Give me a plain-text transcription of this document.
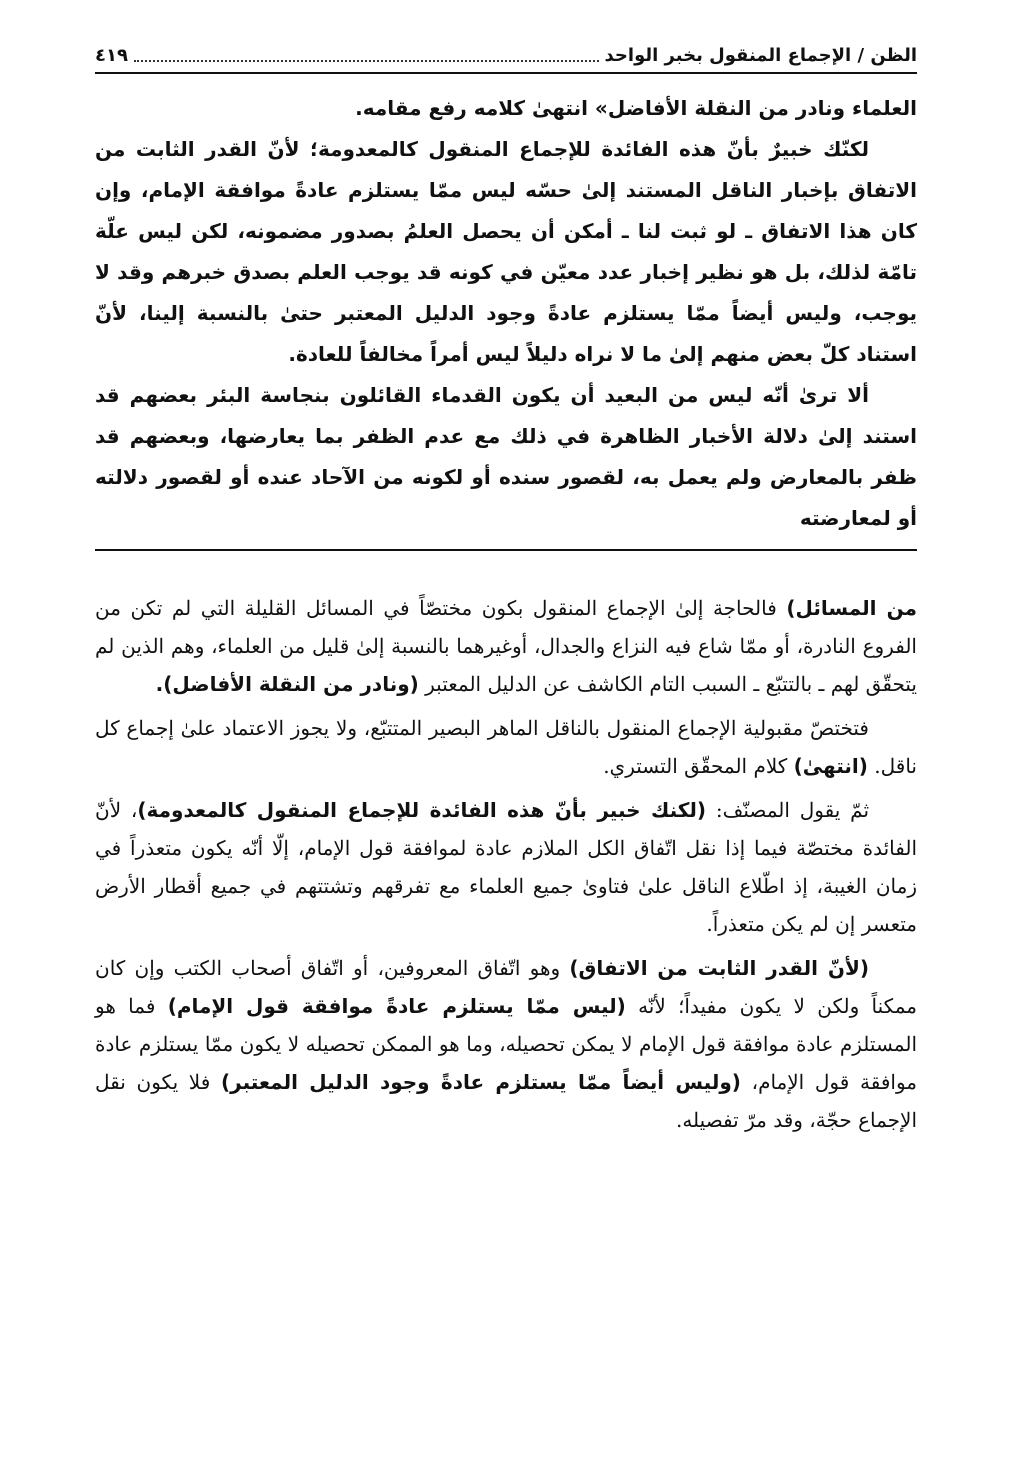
الظن / الإجماع المنقول بخبر الواحد
٤١٩

العلماء ونادر من النقلة الأفاضل» انتهىٰ كلامه رفع مقامه.

لكنّك خبيرٌ بأنّ هذه الفائدة للإجماع المنقول كالمعدومة؛ لأنّ القدر الثابت من الاتفاق بإخبار الناقل المستند إلىٰ حسّه ليس ممّا يستلزم عادةً موافقة الإمام، وإن كان هذا الاتفاق ـ لو ثبت لنا ـ أمكن أن يحصل العلمُ بصدور مضمونه، لكن ليس علّة تامّة لذلك، بل هو نظير إخبار عدد معيّن في كونه قد يوجب العلم بصدق خبرهم وقد لا يوجب، وليس أيضاً ممّا يستلزم عادةً وجود الدليل المعتبر حتىٰ بالنسبة إلينا، لأنّ استناد كلّ بعض منهم إلىٰ ما لا نراه دليلاً ليس أمراً مخالفاً للعادة.

ألا ترىٰ أنّه ليس من البعيد أن يكون القدماء القائلون بنجاسة البئر بعضهم قد استند إلىٰ دلالة الأخبار الظاهرة في ذلك مع عدم الظفر بما يعارضها، وبعضهم قد ظفر بالمعارض ولم يعمل به، لقصور سنده أو لكونه من الآحاد عنده أو لقصور دلالته أو لمعارضته

من المسائل) فالحاجة إلىٰ الإجماع المنقول بكون مختصّاً في المسائل القليلة التي لم تكن من الفروع النادرة، أو ممّا شاع فيه النزاع والجدال، أوغيرهما بالنسبة إلىٰ قليل من العلماء، وهم الذين لم يتحقّق لهم ـ بالتتبّع ـ السبب التام الكاشف عن الدليل المعتبر (ونادر من النقلة الأفاضل).

فتختصّ مقبولية الإجماع المنقول بالناقل الماهر البصير المتتبّع، ولا يجوز الاعتماد علىٰ إجماع كل ناقل. (انتهىٰ) كلام المحقّق التستري.

ثمّ يقول المصنّف: (لكنك خبير بأنّ هذه الفائدة للإجماع المنقول كالمعدومة)، لأنّ الفائدة مختصّة فيما إذا نقل اتّفاق الكل الملازم عادة لموافقة قول الإمام، إلّا أنّه يكون متعذراً في زمان الغيبة، إذ اطّلاع الناقل علىٰ فتاوىٰ جميع العلماء مع تفرقهم وتشتتهم في جميع أقطار الأرض متعسر إن لم يكن متعذراً.

(لأنّ القدر الثابت من الاتفاق) وهو اتّفاق المعروفين، أو اتّفاق أصحاب الكتب وإن كان ممكناً ولكن لا يكون مفيداً؛ لأنّه (ليس ممّا يستلزم عادةً موافقة قول الإمام) فما هو المستلزم عادة موافقة قول الإمام لا يمكن تحصيله، وما هو الممكن تحصيله لا يكون ممّا يستلزم عادة موافقة قول الإمام، (وليس أيضاً ممّا يستلزم عادةً وجود الدليل المعتبر) فلا يكون نقل الإجماع حجّة، وقد مرّ تفصيله.
